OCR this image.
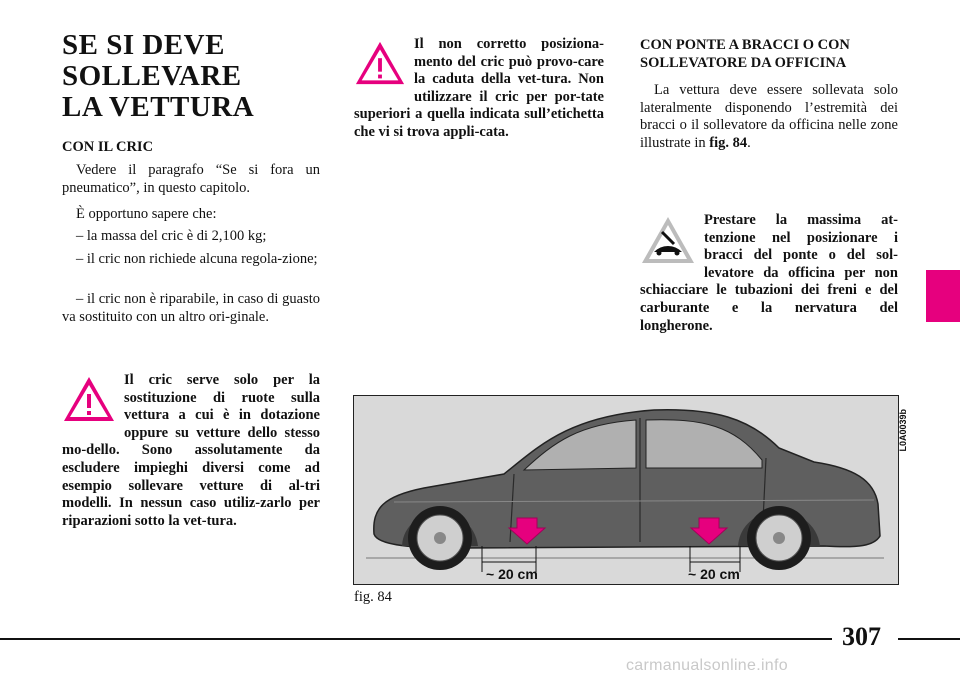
SE SI DEVE
SOLLEVARE
LA VETTURA

CON IL CRIC

Vedere il paragrafo “Se si fora un pneumatico”, in questo capitolo.

È opportuno sapere che:

– la massa del cric è di 2,100 kg;

– il cric non richiede alcuna regola-zione;

– il cric non è riparabile, in caso di guasto va sostituito con un altro ori-ginale.

Il cric serve solo per la sostituzione di ruote sulla vettura a cui è in dotazione oppure su vetture dello stesso mo-dello. Sono assolutamente da escludere impieghi diversi come ad esempio sollevare vetture di al-tri modelli. In nessun caso utiliz-zarlo per riparazioni sotto la vet-tura.
Il non corretto posiziona-mento del cric può provo-care la caduta della vet-tura. Non utilizzare il cric per por-tate superiori a quella indicata sull’etichetta che vi si trova appli-cata.

CON PONTE A BRACCI O CON SOLLEVATORE DA OFFICINA

La vettura deve essere sollevata solo lateralmente disponendo l’estremità dei bracci o il sollevatore da officina nelle zone illustrate in fig. 84.

Prestare la massima at-tenzione nel posizionare i bracci del ponte o del sol-levatore da officina per non schiacciare le tubazioni dei freni e del carburante e la nervatura del longherone.
~ 20 cm	~ 20 cm
L0A0039b
fig. 84
307
carmanualsonline.info
